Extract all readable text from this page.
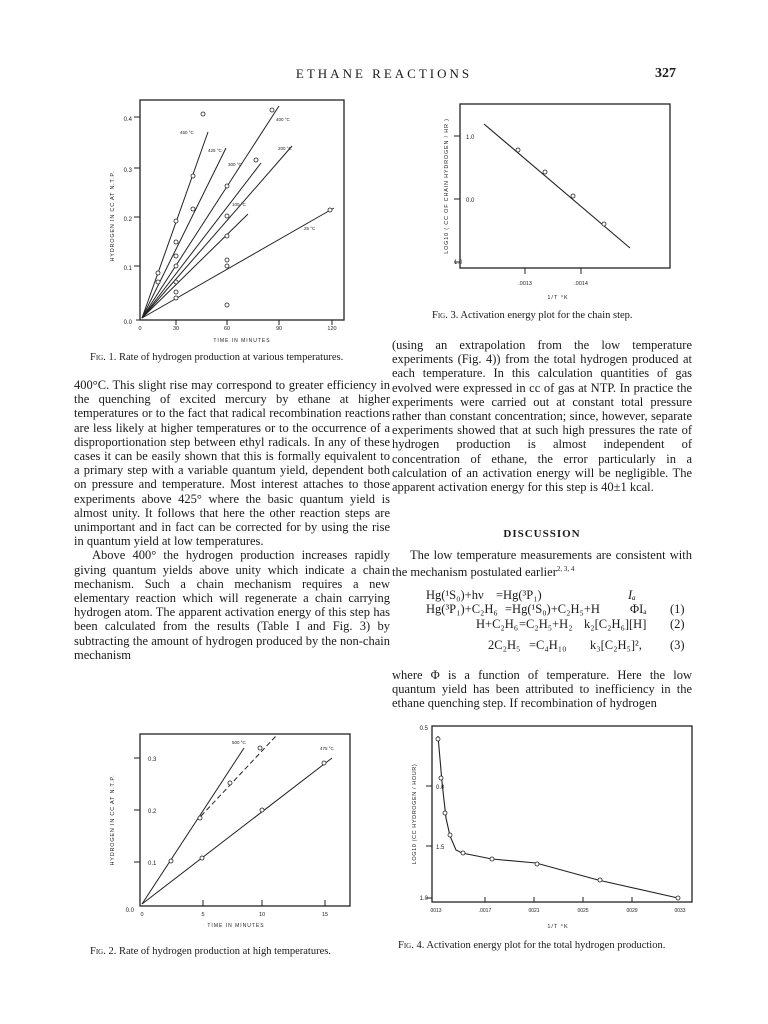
ETHANE REACTIONS	327
HYDROGEN IN CC AT N.T.P.
TIME IN MINUTES
0.0
0.1
0.2
0.3
0.4
0	30	60	90	120
450 °C
425 °C
400 °C
300 °C
200 °C
100 °C
25 °C
Fig. 1. Rate of hydrogen production at various temperatures.
LOG10 ( CC OF CHAIN HYDROGEN / HR )	1.0
0.0
1.0
.0013	.0014
1/T °K
Fig. 3. Activation energy plot for the chain step.

400°C. This slight rise may correspond to greater efficiency in the quenching of excited mercury by ethane at higher temperatures or to the fact that radical recombination reactions are less likely at higher temperatures or to the occurrence of a disproportionation step between ethyl radicals. In any of these cases it can be easily shown that this is formally equivalent to a primary step with a variable quantum yield, dependent both on pressure and temperature. Most interest attaches to those experiments above 425° where the basic quantum yield is almost unity. It follows that here the other reaction steps are unimportant and in fact can be corrected for by using the rise in quantum yield at low temperatures.

Above 400° the hydrogen production increases rapidly giving quantum yields above unity which indicate a chain mechanism. Such a chain mechanism requires a new elementary reaction which will regenerate a chain carrying hydrogen atom. The apparent activation energy of this step has been calculated from the results (Table I and Fig. 3) by subtracting the amount of hydrogen produced by the non-chain mechanism

(using an extrapolation from the low temperature experiments (Fig. 4)) from the total hydrogen produced at each temperature. In this calculation quantities of gas evolved were expressed in cc of gas at NTP. In practice the experiments were carried out at constant total pressure rather than constant concentration; since, however, separate experiments showed that at such high pressures the rate of hydrogen production is almost independent of concentration of ethane, the error particularly in a calculation of an activation energy will be negligible. The apparent activation energy for this step is 40±1 kcal.

DISCUSSION

The low temperature measurements are consistent with the mechanism postulated earlier$^{2, 3, 4}$

Hg(¹S₀)+hν =Hg(³P₁)	Iₐ
Hg(³P₁)+C₂H₆ =Hg(¹S₀)+C₂H₅+H ΦIₐ (1)
H+C₂H₆ =C₂H₅+H₂ k₂[C₂H₆][H] (2)
2C₂H₅ =C₄H₁₀ k₃[C₂H₅]², (3)

where Φ is a function of temperature. Here the low quantum yield has been attributed to inefficiency in the ethane quenching step. If recombination of hydrogen

HYDROGEN IN CC AT N.T.P.
TIME IN MINUTES
0.0
0.1
0.2
0.3
0	5	10	15
500 °C
475 °C
Fig. 2. Rate of hydrogen production at high temperatures.
LOG10 (CC HYDROGEN / HOUR)
0.5
0.0
1.5
1.0
0013	.0017	0021	0025	0029	0033
1/T °K
Fig. 4. Activation energy plot for the total hydrogen production.
